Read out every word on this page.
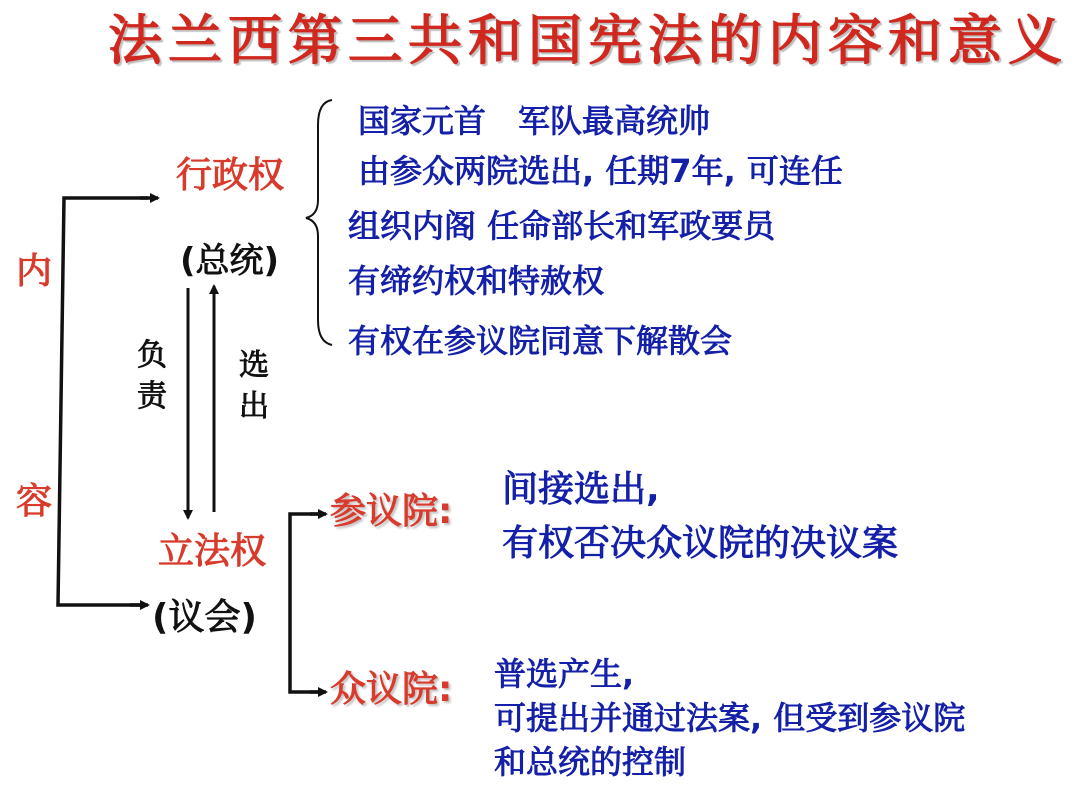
法兰西第三共和国宪法的内容和意义
内
容
行政权
(总统)
国家元首　军队最高统帅
由参众两院选出, 任期7年, 可连任
组织内阁 任命部长和军政要员
有缔约权和特赦权
有权在参议院同意下解散会
负责
选出
立法权
(议会)
参议院:
间接选出,
有权否决众议院的决议案
众议院: 普选产生,
可提出并通过法案, 但受到参议院
和总统的控制
